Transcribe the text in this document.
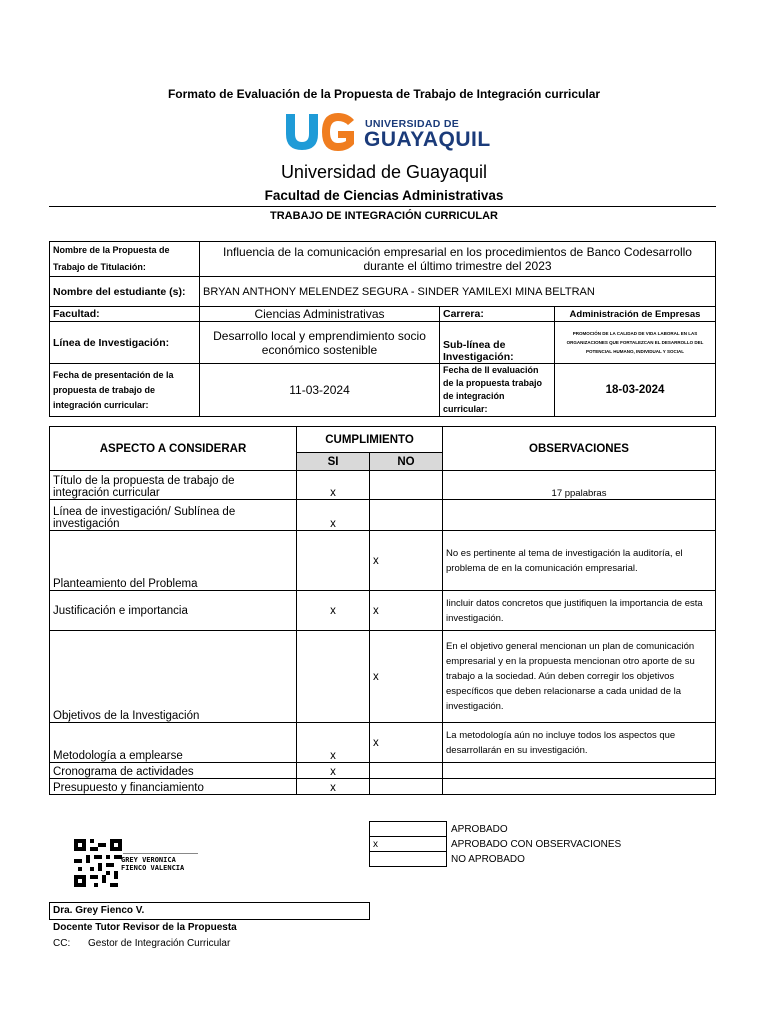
Formato de Evaluación de la Propuesta de Trabajo de Integración curricular
UNIVERSIDAD DE
GUAYAQUIL
Universidad de Guayaquil
Facultad de Ciencias Administrativas
TRABAJO DE INTEGRACIÓN CURRICULAR
Nombre de la Propuesta de Trabajo de Titulación:	Influencia de la comunicación empresarial en los procedimientos de Banco Codesarrollo durante el último trimestre del 2023		
Nombre del estudiante (s):	BRYAN ANTHONY MELENDEZ SEGURA - SINDER YAMILEXI MINA BELTRAN		
Facultad:	Ciencias Administrativas	Carrera:	Administración de Empresas
Línea de Investigación:	Desarrollo local y emprendimiento socio económico sostenible	Sub-línea de Investigación:	PROMOCIÓN DE LA CALIDAD DE VIDA LABORAL EN LAS ORGANIZACIONES QUE FORTALEZCAN EL DESARROLLO DEL POTENCIAL HUMANO, INDIVIDUAL Y SOCIAL
Fecha de presentación de la propuesta de trabajo de integración curricular:	11-03-2024	Fecha de II evaluación de la propuesta trabajo de integración curricular:	18-03-2024
ASPECTO A CONSIDERAR	CUMPLIMIENTO		OBSERVACIONES
	SI	NO	
Título de la propuesta de trabajo de integración curricular	x		17 ppalabras
Línea de investigación/ Sublínea de investigación	x		
Planteamiento del Problema		x	No es pertinente al tema de investigación la auditoría, el problema de en la comunicación empresarial.
Justificación e importancia	x	x	Iincluir datos concretos que justifiquen la importancia de esta investigación.
Objetivos de la Investigación		x	En el objetivo general mencionan un plan de comunicación empresarial y en la propuesta mencionan otro aporte de su trabajo a la sociedad. Aún deben corregir los objetivos específicos que deben relacionarse a cada unidad de la investigación.
Metodología a emplearse	x	x	La metodología aún no incluye todos los aspectos que desarrollarán en su investigación.
Cronograma de actividades	x		
Presupuesto y financiamiento	x		
	APROBADO
x	APROBADO CON OBSERVACIONES
	NO APROBADO
GREY VERONICA
FIENCO VALENCIA
Dra. Grey Fienco V.
Docente Tutor Revisor de la Propuesta
CC: Gestor de Integración Curricular
